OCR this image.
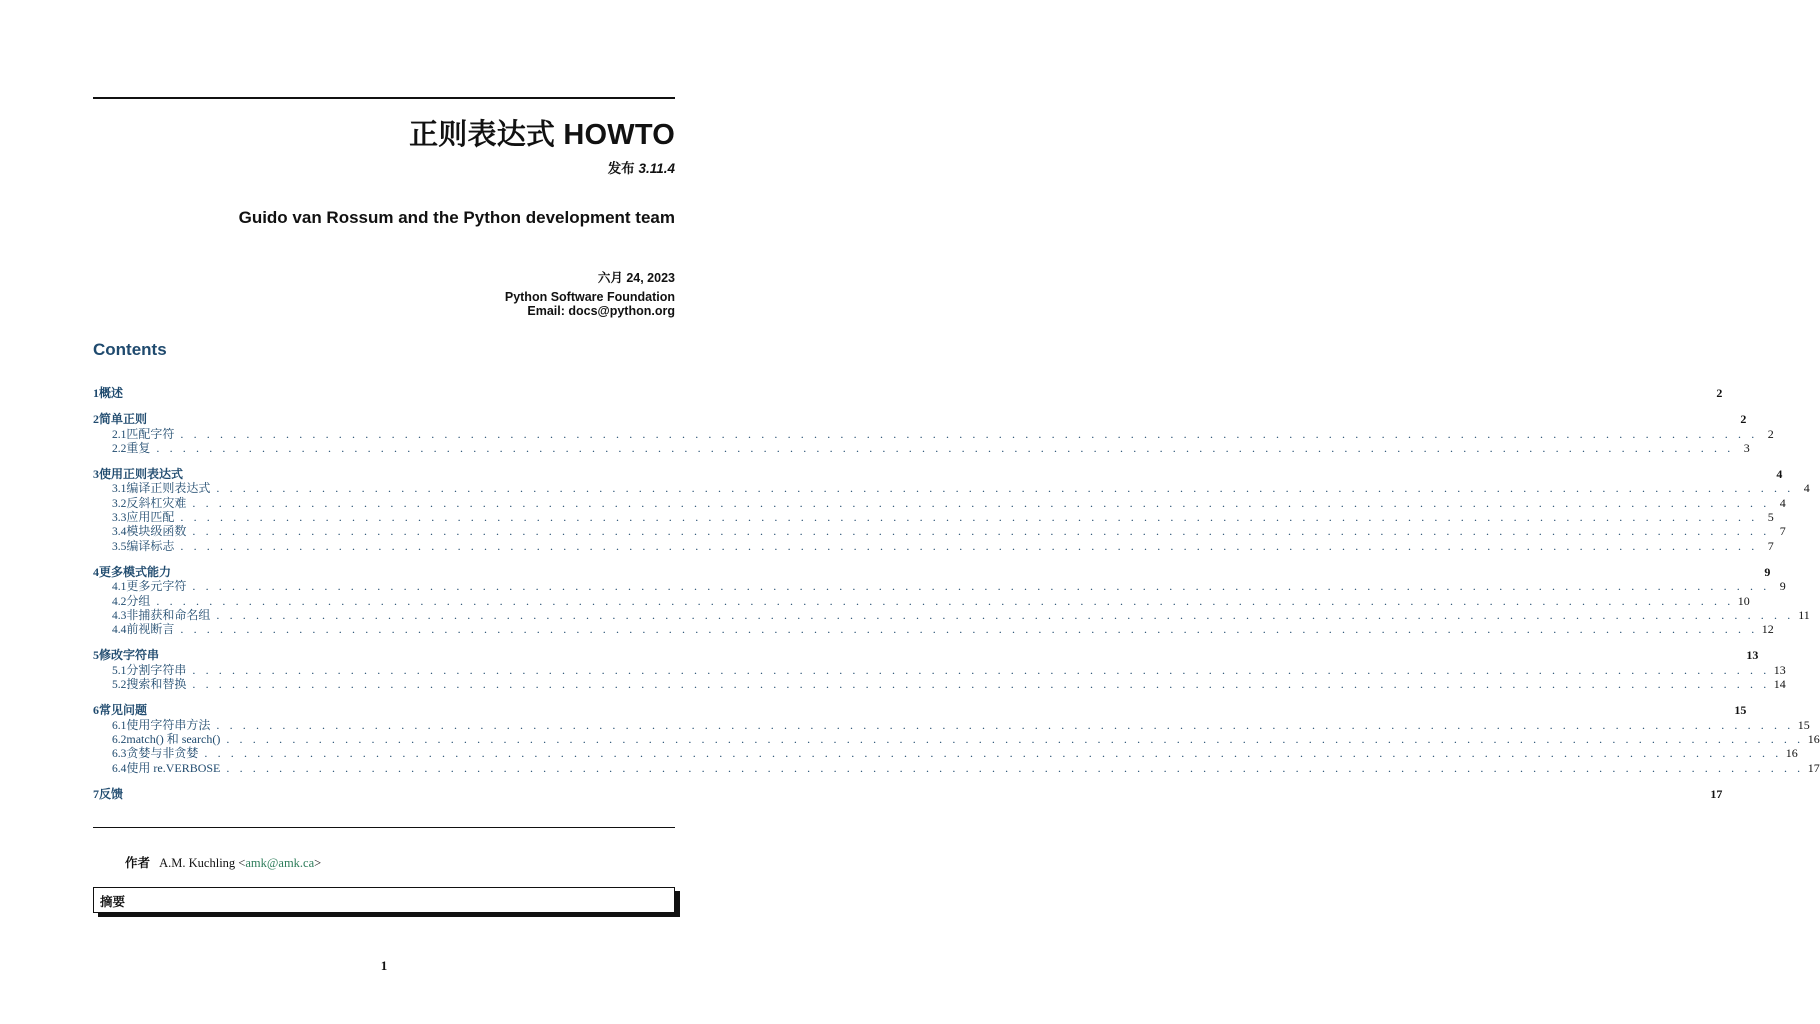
正则表达式 HOWTO
发布 3.11.4
Guido van Rossum and the Python development team
六月 24, 2023
Python Software Foundation
Email: docs@python.org
Contents
1 概述	2
2 简单正则	2
2.1 匹配字符 . . . . . . . . . . . . . . . . . . . . . . . . . . . . . . . . . . . . . . . . . . . . . . . . . . . . . . . . . . . . . . . . . . . . . . . . . . . . . . . . . . . . . . . . . . . . . . . . . . . . . . . . . . . . . . . . . . . . . . . . 2
2.2 重复 . . . . . . . . . . . . . . . . . . . . . . . . . . . . . . . . . . . . . . . . . . . . . . . . . . . . . . . . . . . . . . . . . . . . . . . . . . . . . . . . . . . . . . . . . . . . . . . . . . . . . . . . . . . . . . . . . . . . . . . . 3
3 使用正则表达式	4
3.1 编译正则表达式 . . . . . . . . . . . . . . . . . . . . . . . . . . . . . . . . . . . . . . . . . . . . . . . . . . . . . . . . . . . . . . . . . . . . . . . . . . . . . . . . . . . . . . . . . . . . . . . . . . . . . . . . . . . . . . . . . . . . . . . . 4
3.2 反斜杠灾难 . . . . . . . . . . . . . . . . . . . . . . . . . . . . . . . . . . . . . . . . . . . . . . . . . . . . . . . . . . . . . . . . . . . . . . . . . . . . . . . . . . . . . . . . . . . . . . . . . . . . . . . . . . . . . . . . . . . . . . . . 4
3.3 应用匹配 . . . . . . . . . . . . . . . . . . . . . . . . . . . . . . . . . . . . . . . . . . . . . . . . . . . . . . . . . . . . . . . . . . . . . . . . . . . . . . . . . . . . . . . . . . . . . . . . . . . . . . . . . . . . . . . . . . . . . . . . 5
3.4 模块级函数 . . . . . . . . . . . . . . . . . . . . . . . . . . . . . . . . . . . . . . . . . . . . . . . . . . . . . . . . . . . . . . . . . . . . . . . . . . . . . . . . . . . . . . . . . . . . . . . . . . . . . . . . . . . . . . . . . . . . . . . . 7
3.5 编译标志 . . . . . . . . . . . . . . . . . . . . . . . . . . . . . . . . . . . . . . . . . . . . . . . . . . . . . . . . . . . . . . . . . . . . . . . . . . . . . . . . . . . . . . . . . . . . . . . . . . . . . . . . . . . . . . . . . . . . . . . . 7
4 更多模式能力	9
4.1 更多元字符 . . . . . . . . . . . . . . . . . . . . . . . . . . . . . . . . . . . . . . . . . . . . . . . . . . . . . . . . . . . . . . . . . . . . . . . . . . . . . . . . . . . . . . . . . . . . . . . . . . . . . . . . . . . . . . . . . . . . . . . . 9
4.2 分组 . . . . . . . . . . . . . . . . . . . . . . . . . . . . . . . . . . . . . . . . . . . . . . . . . . . . . . . . . . . . . . . . . . . . . . . . . . . . . . . . . . . . . . . . . . . . . . . . . . . . . . . . . . . . . . . . . . . . . . . . 10
4.3 非捕获和命名组 . . . . . . . . . . . . . . . . . . . . . . . . . . . . . . . . . . . . . . . . . . . . . . . . . . . . . . . . . . . . . . . . . . . . . . . . . . . . . . . . . . . . . . . . . . . . . . . . . . . . . . . . . . . . . . . . . . . . . . . . 11
4.4 前视断言 . . . . . . . . . . . . . . . . . . . . . . . . . . . . . . . . . . . . . . . . . . . . . . . . . . . . . . . . . . . . . . . . . . . . . . . . . . . . . . . . . . . . . . . . . . . . . . . . . . . . . . . . . . . . . . . . . . . . . . . . 12
5 修改字符串	13
5.1 分割字符串 . . . . . . . . . . . . . . . . . . . . . . . . . . . . . . . . . . . . . . . . . . . . . . . . . . . . . . . . . . . . . . . . . . . . . . . . . . . . . . . . . . . . . . . . . . . . . . . . . . . . . . . . . . . . . . . . . . . . . . . . 13
5.2 搜索和替换 . . . . . . . . . . . . . . . . . . . . . . . . . . . . . . . . . . . . . . . . . . . . . . . . . . . . . . . . . . . . . . . . . . . . . . . . . . . . . . . . . . . . . . . . . . . . . . . . . . . . . . . . . . . . . . . . . . . . . . . . 14
6 常见问题	15
6.1 使用字符串方法 . . . . . . . . . . . . . . . . . . . . . . . . . . . . . . . . . . . . . . . . . . . . . . . . . . . . . . . . . . . . . . . . . . . . . . . . . . . . . . . . . . . . . . . . . . . . . . . . . . . . . . . . . . . . . . . . . . . . . . . . 15
6.2 match() 和 search() . . . . . . . . . . . . . . . . . . . . . . . . . . . . . . . . . . . . . . . . . . . . . . . . . . . . . . . . . . . . . . . . . . . . . . . . . . . . . . . . . . . . . . . . . . . . . . . . . . . . . . . . . . . . . . . . . . . . . . . . 16
6.3 贪婪与非贪婪 . . . . . . . . . . . . . . . . . . . . . . . . . . . . . . . . . . . . . . . . . . . . . . . . . . . . . . . . . . . . . . . . . . . . . . . . . . . . . . . . . . . . . . . . . . . . . . . . . . . . . . . . . . . . . . . . . . . . . . . . 16
6.4 使用 re.VERBOSE . . . . . . . . . . . . . . . . . . . . . . . . . . . . . . . . . . . . . . . . . . . . . . . . . . . . . . . . . . . . . . . . . . . . . . . . . . . . . . . . . . . . . . . . . . . . . . . . . . . . . . . . . . . . . . . . . . . . . . . . 17
7 反馈	17
作者 A.M. Kuchling <amk@amk.ca>
摘要
1
